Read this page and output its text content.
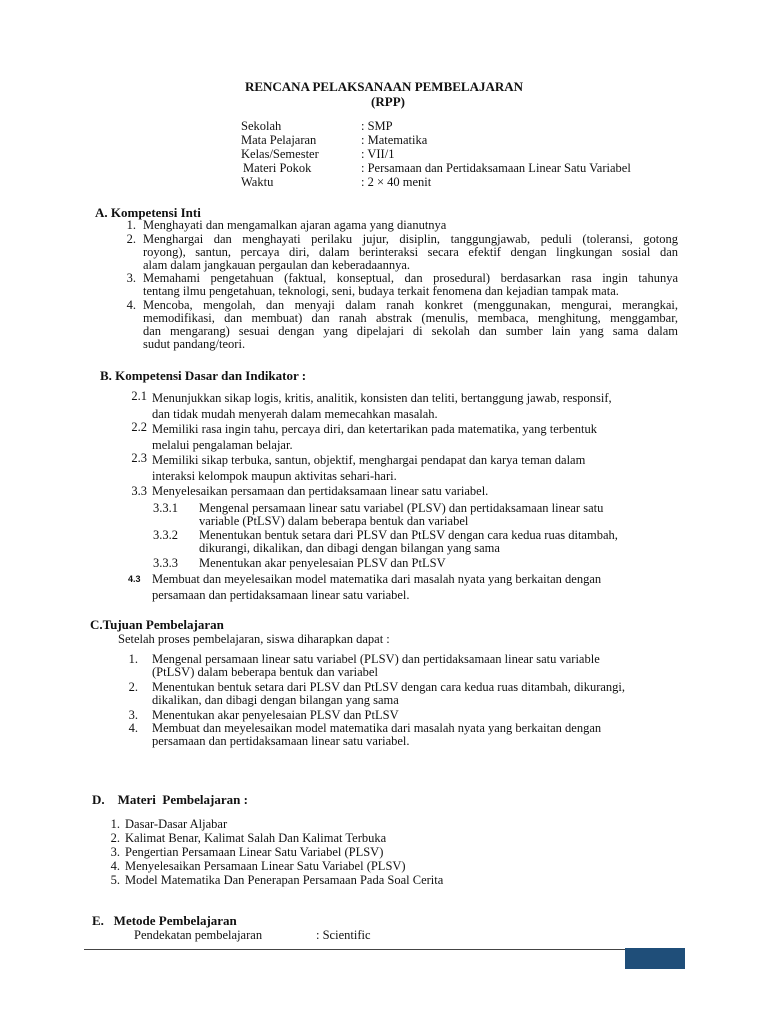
RENCANA PELAKSANAAN PEMBELAJARAN
(RPP)
Sekolah	: SMP
Mata Pelajaran	: Matematika
Kelas/Semester	: VII/1
Materi Pokok	: Persamaan dan Pertidaksamaan Linear Satu Variabel
Waktu	: 2 × 40 menit
A. Kompetensi Inti
1. Menghayati dan mengamalkan ajaran agama yang dianutnya
2. Menghargai dan menghayati perilaku jujur, disiplin, tanggungjawab, peduli (toleransi, gotong
royong), santun, percaya diri, dalam berinteraksi secara efektif dengan lingkungan sosial dan
alam dalam jangkauan pergaulan dan keberadaannya.
3. Memahami pengetahuan (faktual, konseptual, dan prosedural) berdasarkan rasa ingin tahunya
tentang ilmu pengetahuan, teknologi, seni, budaya terkait fenomena dan kejadian tampak mata.
4. Mencoba, mengolah, dan menyaji dalam ranah konkret (menggunakan, mengurai, merangkai,
memodifikasi, dan membuat) dan ranah abstrak (menulis, membaca, menghitung, menggambar,
dan mengarang) sesuai dengan yang dipelajari di sekolah dan sumber lain yang sama dalam
sudut pandang/teori.
B. Kompetensi Dasar dan Indikator :
2.1 Menunjukkan sikap logis, kritis, analitik, konsisten dan teliti, bertanggung jawab, responsif,
dan tidak mudah menyerah dalam memecahkan masalah.
2.2 Memiliki rasa ingin tahu, percaya diri, dan ketertarikan pada matematika, yang terbentuk
melalui pengalaman belajar.
2.3 Memiliki sikap terbuka, santun, objektif, menghargai pendapat dan karya teman dalam
interaksi kelompok maupun aktivitas sehari-hari.
3.3 Menyelesaikan persamaan dan pertidaksamaan linear satu variabel.
3.3.1 Mengenal persamaan linear satu variabel (PLSV) dan pertidaksamaan linear satu
variable (PtLSV) dalam beberapa bentuk dan variabel
3.3.2 Menentukan bentuk setara dari PLSV dan PtLSV dengan cara kedua ruas ditambah,
dikurangi, dikalikan, dan dibagi dengan bilangan yang sama
3.3.3 Menentukan akar penyelesaian PLSV dan PtLSV
4.3 Membuat dan meyelesaikan model matematika dari masalah nyata yang berkaitan dengan
persamaan dan pertidaksamaan linear satu variabel.
C.Tujuan Pembelajaran
Setelah proses pembelajaran, siswa diharapkan dapat :
1. Mengenal persamaan linear satu variabel (PLSV) dan pertidaksamaan linear satu variable
(PtLSV) dalam beberapa bentuk dan variabel
2. Menentukan bentuk setara dari PLSV dan PtLSV dengan cara kedua ruas ditambah, dikurangi,
dikalikan, dan dibagi dengan bilangan yang sama
3. Menentukan akar penyelesaian PLSV dan PtLSV
4. Membuat dan meyelesaikan model matematika dari masalah nyata yang berkaitan dengan
persamaan dan pertidaksamaan linear satu variabel.
D.    Materi  Pembelajaran :
1. Dasar-Dasar Aljabar
2. Kalimat Benar, Kalimat Salah Dan Kalimat Terbuka
3. Pengertian Persamaan Linear Satu Variabel (PLSV)
4. Menyelesaikan Persamaan Linear Satu Variabel (PLSV)
5. Model Matematika Dan Penerapan Persamaan Pada Soal Cerita
E.   Metode Pembelajaran
Pendekatan pembelajaran	: Scientific
